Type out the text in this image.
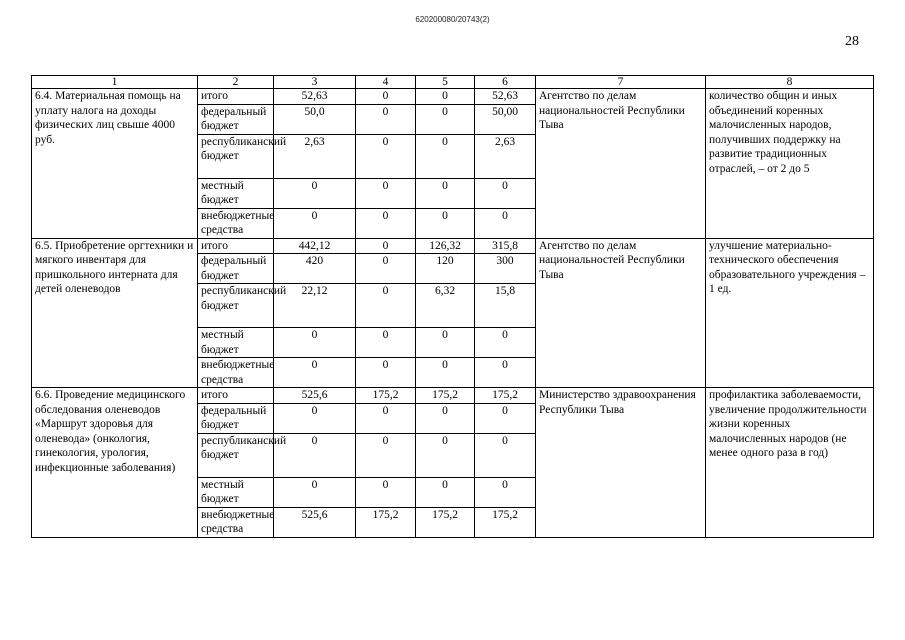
620200080/20743(2)
28
1	2	3	4	5	6	7	8
6.4. Материальная помощь на уплату налога на доходы физических лиц свыше 4000 руб.	итого	52,63	0	0	52,63	Агентство по делам национальностей Республики Тыва	количество общин и иных объединений коренных малочисленных народов, получивших поддержку на развитие традиционных отраслей, – от 2 до 5
	федеральный бюджет	50,0	0	0	50,00		
	республиканский бюджет	2,63	0	0	2,63		
	местный бюджет	0	0	0	0		
	внебюджетные средства	0	0	0	0		
6.5. Приобретение оргтехники и мягкого инвентаря для пришкольного интерната для детей оленеводов	итого	442,12	0	126,32	315,8	Агентство по делам национальностей Республики Тыва	улучшение материально-технического обеспечения образовательного учреждения – 1 ед.
	федеральный бюджет	420	0	120	300		
	республиканский бюджет	22,12	0	6,32	15,8		
	местный бюджет	0	0	0	0		
	внебюджетные средства	0	0	0	0		
6.6. Проведение медицинского обследования оленеводов «Маршрут здоровья для оленевода» (онкология, гинекология, урология, инфекционные заболевания)	итого	525,6	175,2	175,2	175,2	Министерство здравоохранения Республики Тыва	профилактика заболеваемости, увеличение продолжительности жизни коренных малочисленных народов (не менее одного раза в год)
	федеральный бюджет	0	0	0	0		
	республиканский бюджет	0	0	0	0		
	местный бюджет	0	0	0	0		
	внебюджетные средства	525,6	175,2	175,2	175,2		
